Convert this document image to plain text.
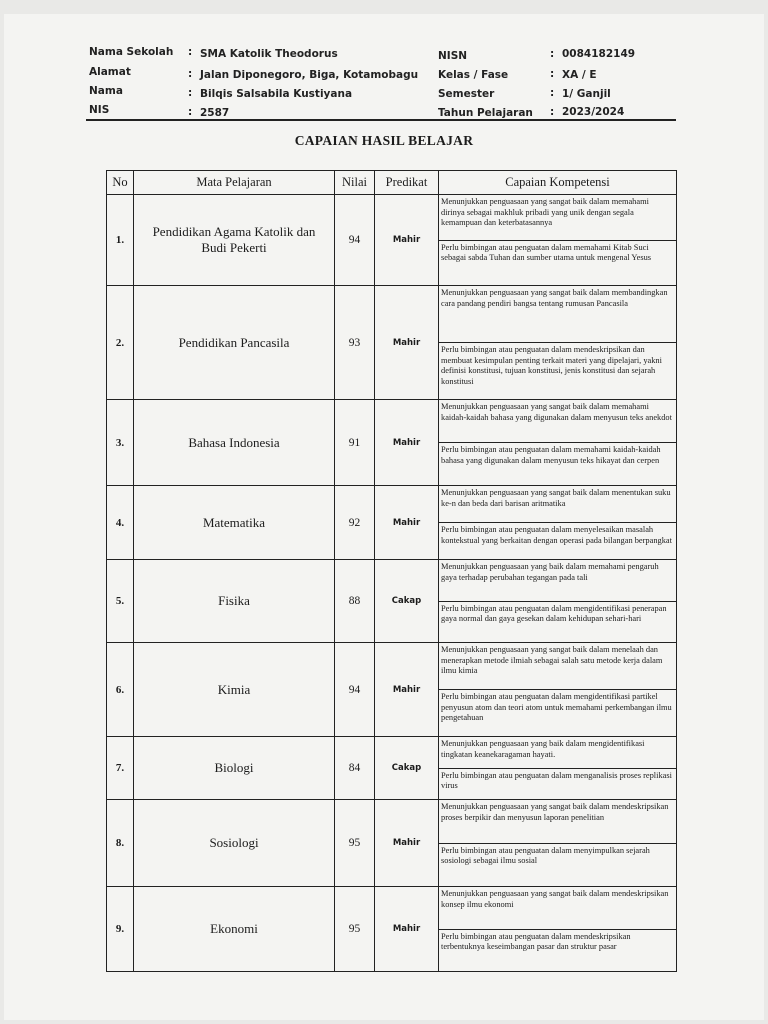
Nama Sekolah : SMA Katolik Theodorus
Alamat	: Jalan Diponegoro, Biga, Kotamobagu
Nama	: Bilqis Salsabila Kustiyana
NIS	: 2587
NISN	: 0084182149
Kelas / Fase	: XA / E
Semester	: 1/ Ganjil
Tahun Pelajaran : 2023/2024
CAPAIAN HASIL BELAJAR
No	Mata Pelajaran	Nilai	Predikat	Capaian Kompetensi
1.	Pendidikan Agama Katolik dan Budi Pekerti	94	Mahir	Menunjukkan penguasaan yang sangat baik dalam memahami dirinya sebagai makhluk pribadi yang unik dengan segala kemampuan dan keterbatasannya
Perlu bimbingan atau penguatan dalam memahami Kitab Suci sebagai sabda Tuhan dan sumber utama untuk mengenal Yesus

2.	Pendidikan Pancasila	93	Mahir	Menunjukkan penguasaan yang sangat baik dalam membandingkan cara pandang pendiri bangsa tentang rumusan Pancasila
Perlu bimbingan atau penguatan dalam mendeskripsikan dan membuat kesimpulan penting terkait materi yang dipelajari, yakni definisi konstitusi, tujuan konstitusi, jenis konstitusi dan sejarah konstitusi

3.	Bahasa Indonesia	91	Mahir	Menunjukkan penguasaan yang sangat baik dalam memahami kaidah-kaidah bahasa yang digunakan dalam menyusun teks anekdot
Perlu bimbingan atau penguatan dalam memahami kaidah-kaidah bahasa yang digunakan dalam menyusun teks hikayat dan cerpen

4.	Matematika	92	Mahir	Menunjukkan penguasaan yang sangat baik dalam menentukan suku ke-n dan beda dari barisan aritmatika
Perlu bimbingan atau penguatan dalam menyelesaikan masalah kontekstual yang berkaitan dengan operasi pada bilangan berpangkat

5.	Fisika	88	Cakap	Menunjukkan penguasaan yang baik dalam memahami pengaruh gaya terhadap perubahan tegangan pada tali
Perlu bimbingan atau penguatan dalam mengidentifikasi penerapan gaya normal dan gaya gesekan dalam kehidupan sehari-hari

6.	Kimia	94	Mahir	Menunjukkan penguasaan yang sangat baik dalam menelaah dan menerapkan metode ilmiah sebagai salah satu metode kerja dalam ilmu kimia
Perlu bimbingan atau penguatan dalam mengidentifikasi partikel penyusun atom dan teori atom untuk memahami perkembangan ilmu pengetahuan

7.	Biologi	84	Cakap	Menunjukkan penguasaan yang baik dalam mengidentifikasi tingkatan keanekaragaman hayati.
Perlu bimbingan atau penguatan dalam menganalisis proses replikasi virus

8.	Sosiologi	95	Mahir	Menunjukkan penguasaan yang sangat baik dalam mendeskripsikan proses berpikir dan menyusun laporan penelitian
Perlu bimbingan atau penguatan dalam menyimpulkan sejarah sosiologi sebagai ilmu sosial

9.	Ekonomi	95	Mahir	Menunjukkan penguasaan yang sangat baik dalam mendeskripsikan konsep ilmu ekonomi
Perlu bimbingan atau penguatan dalam mendeskripsikan terbentuknya keseimbangan pasar dan struktur pasar
